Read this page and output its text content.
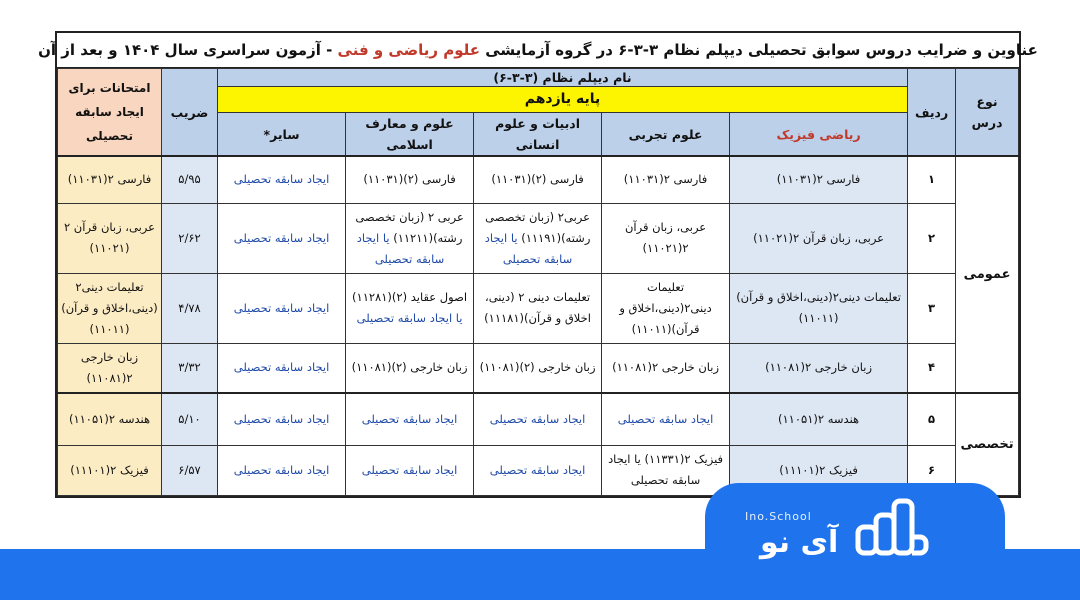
عناوین و ضرایب دروس سوابق تحصیلی دیپلم نظام ۳-۳-۶ در گروه آزمایشی

علوم ریاضی و فنی

- آزمون سراسری سال ۱۴۰۴ و بعد از آن
نوع درس	ردیف	نام دیپلم نظام (۳-۳-۶)					ضریب	امتحانات برای ایجاد سابقه تحصیلی
		پایه یازدهم						
		ریاضی فیزیک	علوم تجربی	ادبیات و علوم انسانی	علوم و معارف اسلامی	سایر*		
عمومی	۱	فارسی ۲(۱۱۰۳۱)	فارسی ۲(۱۱۰۳۱)	فارسی (۲)(۱۱۰۳۱)	فارسی (۲)(۱۱۰۳۱)	ایجاد سابقه تحصیلی	۵/۹۵	فارسی ۲(۱۱۰۳۱)
	۲	عربی، زبان قرآن ۲(۱۱۰۲۱)	عربی، زبان قرآن ۲(۱۱۰۲۱)	عربی۲ (زبان تخصصی رشته)(۱۱۱۹۱) یا ایجاد سابقه تحصیلی	عربی ۲ (زبان تخصصی رشته)(۱۱۲۱۱) یا ایجاد سابقه تحصیلی	ایجاد سابقه تحصیلی	۲/۶۲	عربی، زبان قرآن ۲ (۱۱۰۲۱)
	۳	تعلیمات دینی۲(دینی،اخلاق و قرآن)(۱۱۰۱۱)	تعلیمات دینی۲(دینی،اخلاق و قرآن)(۱۱۰۱۱)	تعلیمات دینی ۲ (دینی، اخلاق و قرآن)(۱۱۱۸۱)	اصول عقاید (۲)(۱۱۲۸۱) یا ایجاد سابقه تحصیلی	ایجاد سابقه تحصیلی	۴/۷۸	تعلیمات دینی۲ (دینی،اخلاق و قرآن)(۱۱۰۱۱)
	۴	زبان خارجی ۲(۱۱۰۸۱)	زبان خارجی ۲(۱۱۰۸۱)	زبان خارجی (۲)(۱۱۰۸۱)	زبان خارجی (۲)(۱۱۰۸۱)	ایجاد سابقه تحصیلی	۳/۳۲	زبان خارجی ۲(۱۱۰۸۱)
تخصصی	۵	هندسه ۲(۱۱۰۵۱)	ایجاد سابقه تحصیلی	ایجاد سابقه تحصیلی	ایجاد سابقه تحصیلی	ایجاد سابقه تحصیلی	۵/۱۰	هندسه ۲(۱۱۰۵۱)
	۶	فیزیک ۲(۱۱۱۰۱)	فیزیک ۲(۱۱۳۳۱) یا ایجاد سابقه تحصیلی	ایجاد سابقه تحصیلی	ایجاد سابقه تحصیلی	ایجاد سابقه تحصیلی	۶/۵۷	فیزیک ۲(۱۱۱۰۱)
Ino.School
آی نو
